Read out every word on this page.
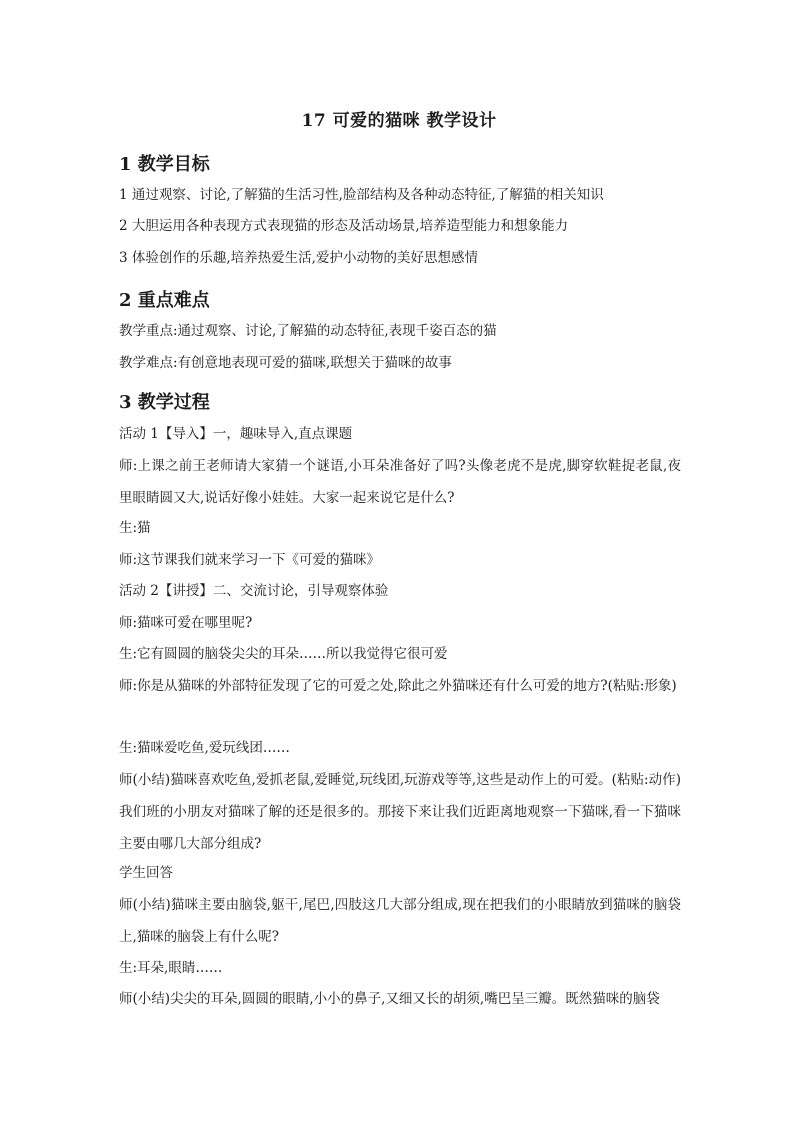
17 可爱的猫咪 教学设计
1 教学目标
1 通过观察、讨论,了解猫的生活习性,脸部结构及各种动态特征,了解猫的相关知识
2 大胆运用各种表现方式表现猫的形态及活动场景,培养造型能力和想象能力
3 体验创作的乐趣,培养热爱生活,爱护小动物的美好思想感情
2 重点难点
教学重点:通过观察、讨论,了解猫的动态特征,表现千姿百态的猫
教学难点:有创意地表现可爱的猫咪,联想关于猫咪的故事
3 教学过程
活动 1【导入】一，趣味导入,直点课题
师:上课之前王老师请大家猜一个谜语,小耳朵准备好了吗?头像老虎不是虎,脚穿软鞋捉老鼠,夜里眼睛圆又大,说话好像小娃娃。大家一起来说它是什么?
生:猫
师:这节课我们就来学习一下《可爱的猫咪》
活动 2【讲授】二、交流讨论，引导观察体验
师:猫咪可爱在哪里呢?
生:它有圆圆的脑袋尖尖的耳朵……所以我觉得它很可爱
师:你是从猫咪的外部特征发现了它的可爱之处,除此之外猫咪还有什么可爱的地方?(粘贴:形象)
生:猫咪爱吃鱼,爱玩线团……
师(小结)猫咪喜欢吃鱼,爱抓老鼠,爱睡觉,玩线团,玩游戏等等,这些是动作上的可爱。(粘贴:动作)我们班的小朋友对猫咪了解的还是很多的。那接下来让我们近距离地观察一下猫咪,看一下猫咪主要由哪几大部分组成?
学生回答
师(小结)猫咪主要由脑袋,躯干,尾巴,四肢这几大部分组成,现在把我们的小眼睛放到猫咪的脑袋上,猫咪的脑袋上有什么呢?
生:耳朵,眼睛……
师(小结)尖尖的耳朵,圆圆的眼睛,小小的鼻子,又细又长的胡须,嘴巴呈三瓣。既然猫咪的脑袋
